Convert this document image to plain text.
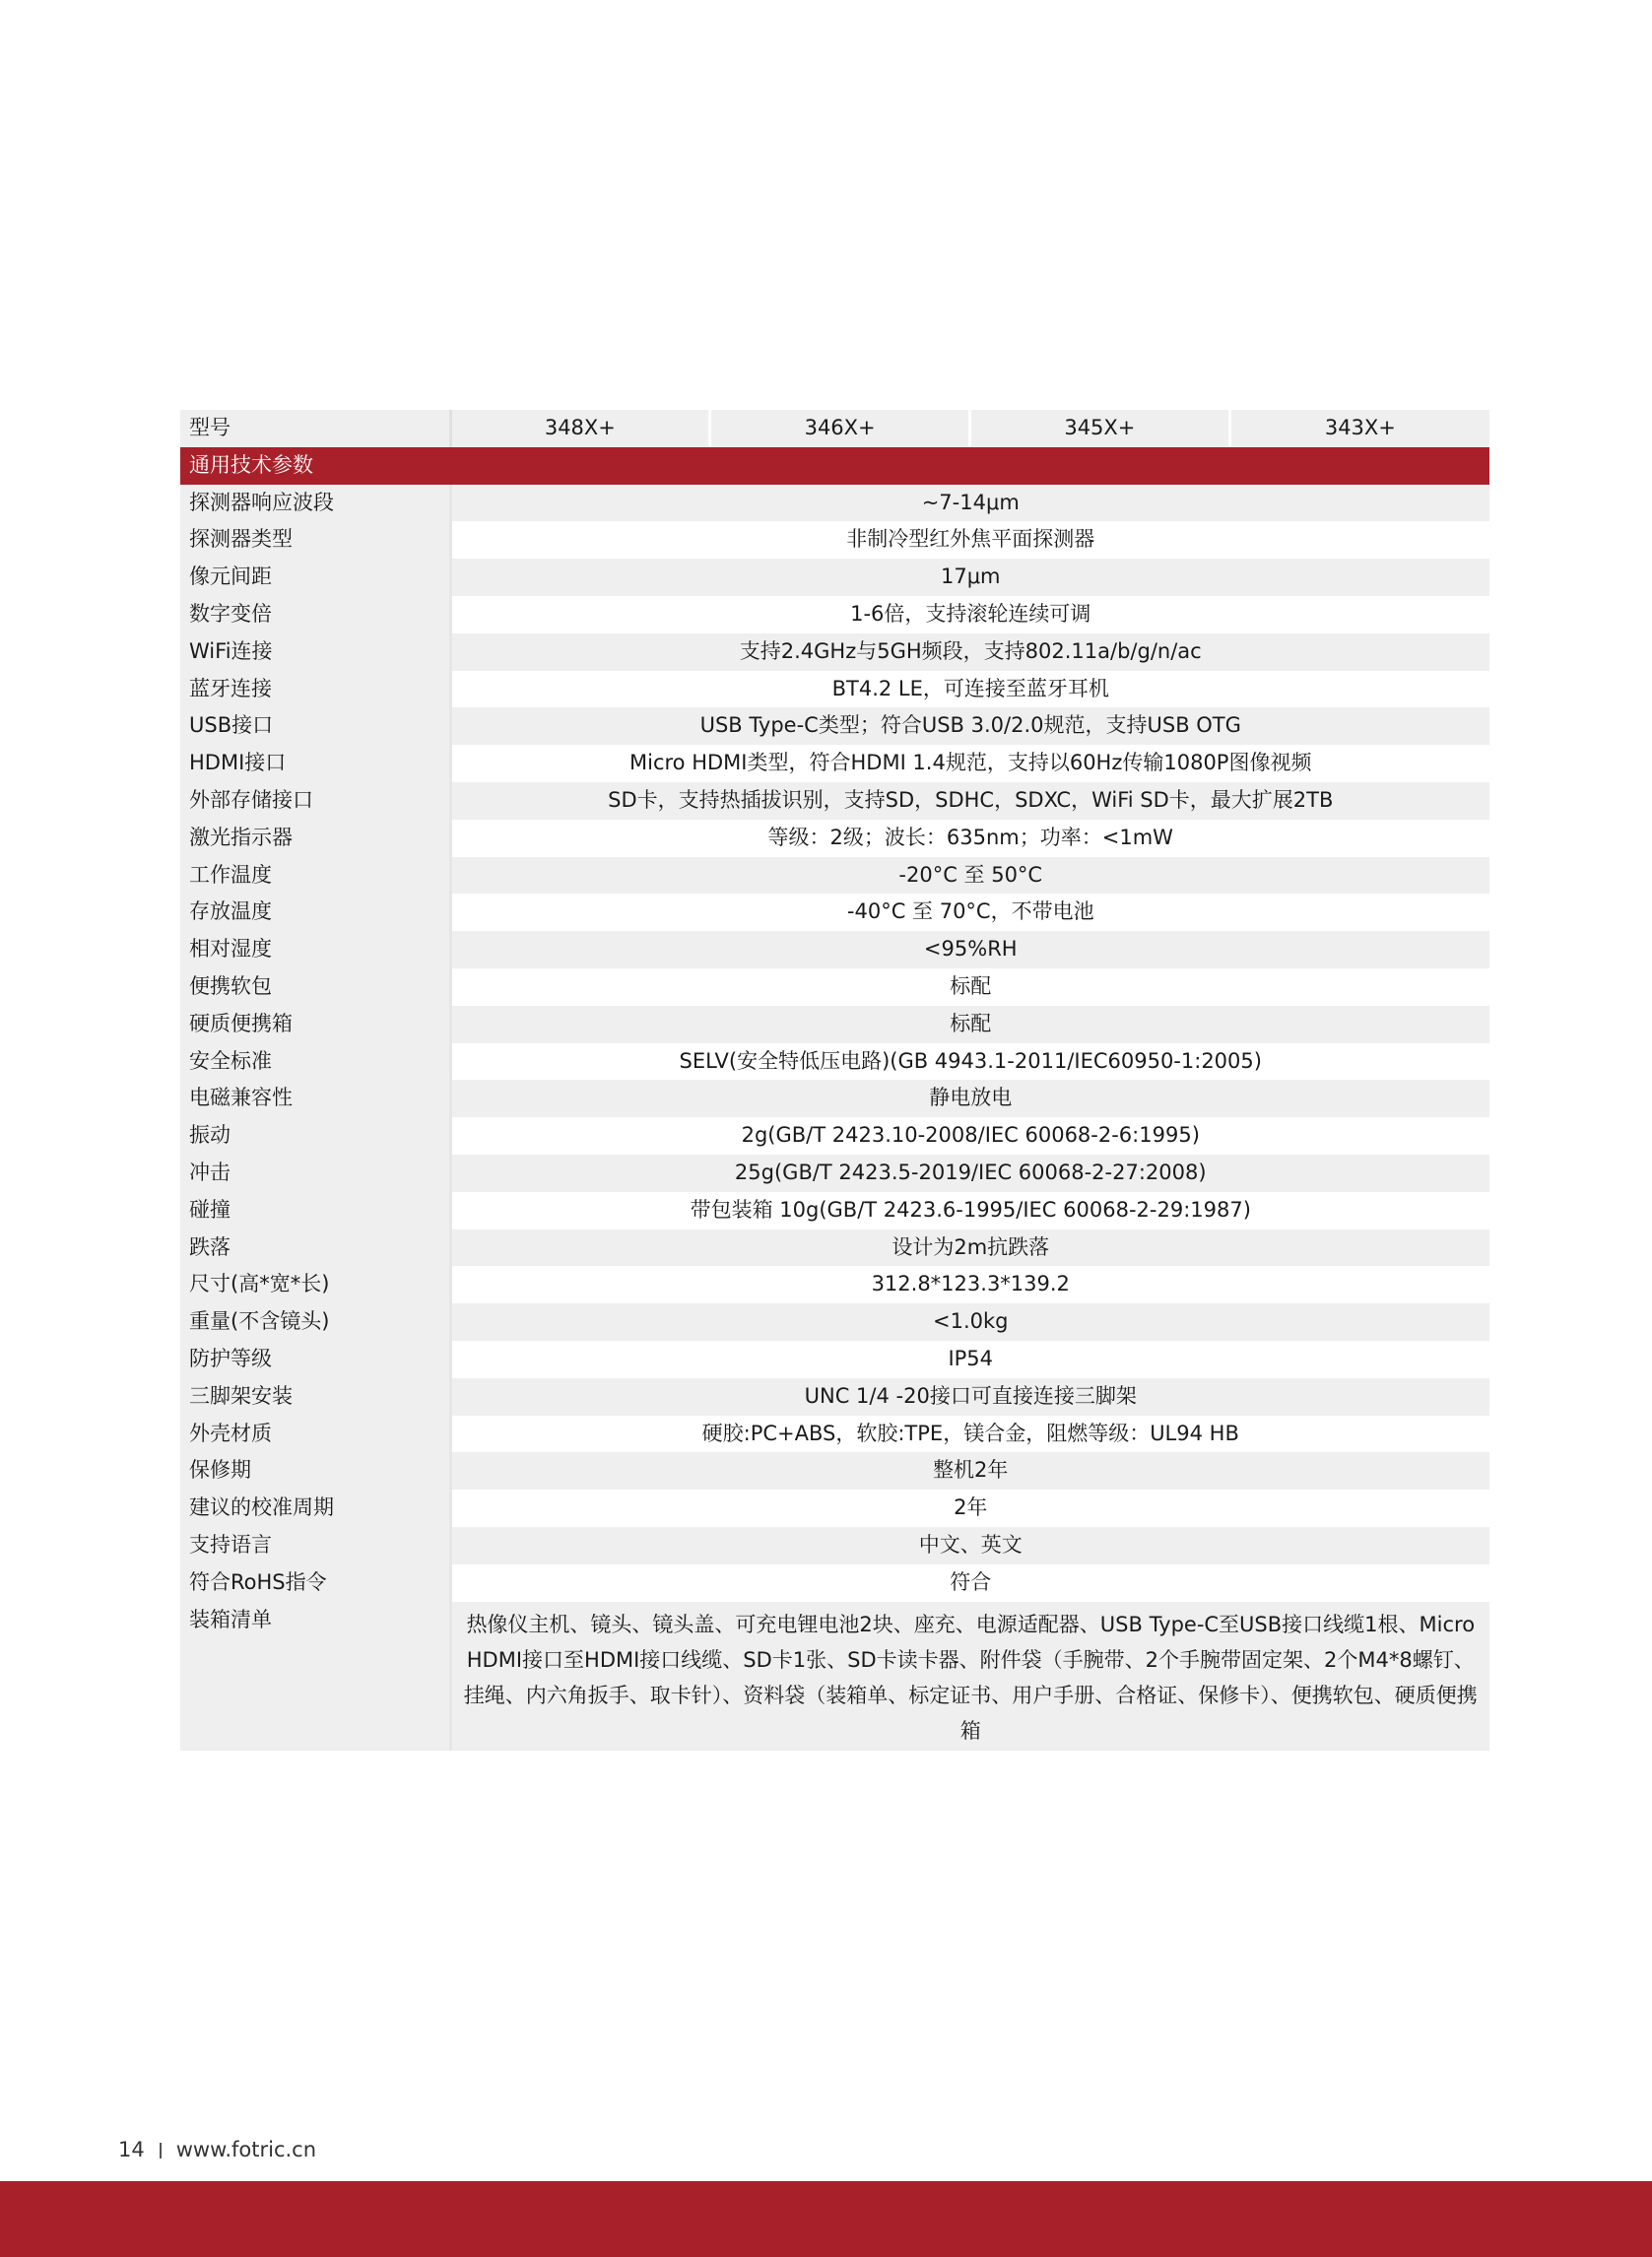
型号	348X+	346X+	345X+	343X+
通用技术参数				
探测器响应波段	~7-14μm			
探测器类型	非制冷型红外焦平面探测器			
像元间距	17μm			
数字变倍	1-6倍，支持滚轮连续可调			
WiFi连接	支持2.4GHz与5GH频段，支持802.11a/b/g/n/ac			
蓝牙连接	BT4.2 LE，可连接至蓝牙耳机			
USB接口	USB Type-C类型；符合USB 3.0/2.0规范，支持USB OTG			
HDMI接口	Micro HDMI类型，符合HDMI 1.4规范，支持以60Hz传输1080P图像视频			
外部存储接口	SD卡，支持热插拔识别，支持SD，SDHC，SDXC，WiFi SD卡，最大扩展2TB			
激光指示器	等级：2级；波长：635nm；功率：<1mW			
工作温度	-20°C 至 50°C			
存放温度	-40°C 至 70°C，不带电池			
相对湿度	<95%RH			
便携软包	标配			
硬质便携箱	标配			
安全标准	SELV(安全特低压电路)(GB 4943.1-2011/IEC60950-1:2005)			
电磁兼容性	静电放电			
振动	2g(GB/T 2423.10-2008/IEC 60068-2-6:1995)			
冲击	25g(GB/T 2423.5-2019/IEC 60068-2-27:2008)			
碰撞	带包装箱 10g(GB/T 2423.6-1995/IEC 60068-2-29:1987)			
跌落	设计为2m抗跌落			
尺寸(高*宽*长)	312.8*123.3*139.2			
重量(不含镜头)	<1.0kg			
防护等级	IP54			
三脚架安装	UNC 1/4 -20接口可直接连接三脚架			
外壳材质	硬胶:PC+ABS，软胶:TPE，镁合金，阻燃等级：UL94 HB			
保修期	整机2年			
建议的校准周期	2年			
支持语言	中文、英文			
符合RoHS指令	符合			
装箱清单	热像仪主机、镜头、镜头盖、可充电锂电池2块、座充、电源适配器、USB Type-C至USB接口线缆1根、Micro HDMI接口至HDMI接口线缆、SD卡1张、SD卡读卡器、附件袋（手腕带、2个手腕带固定架、2个M4*8螺钉、挂绳、内六角扳手、取卡针）、资料袋（装箱单、标定证书、用户手册、合格证、保修卡）、便携软包、硬质便携箱			
14 www.fotric.cn
